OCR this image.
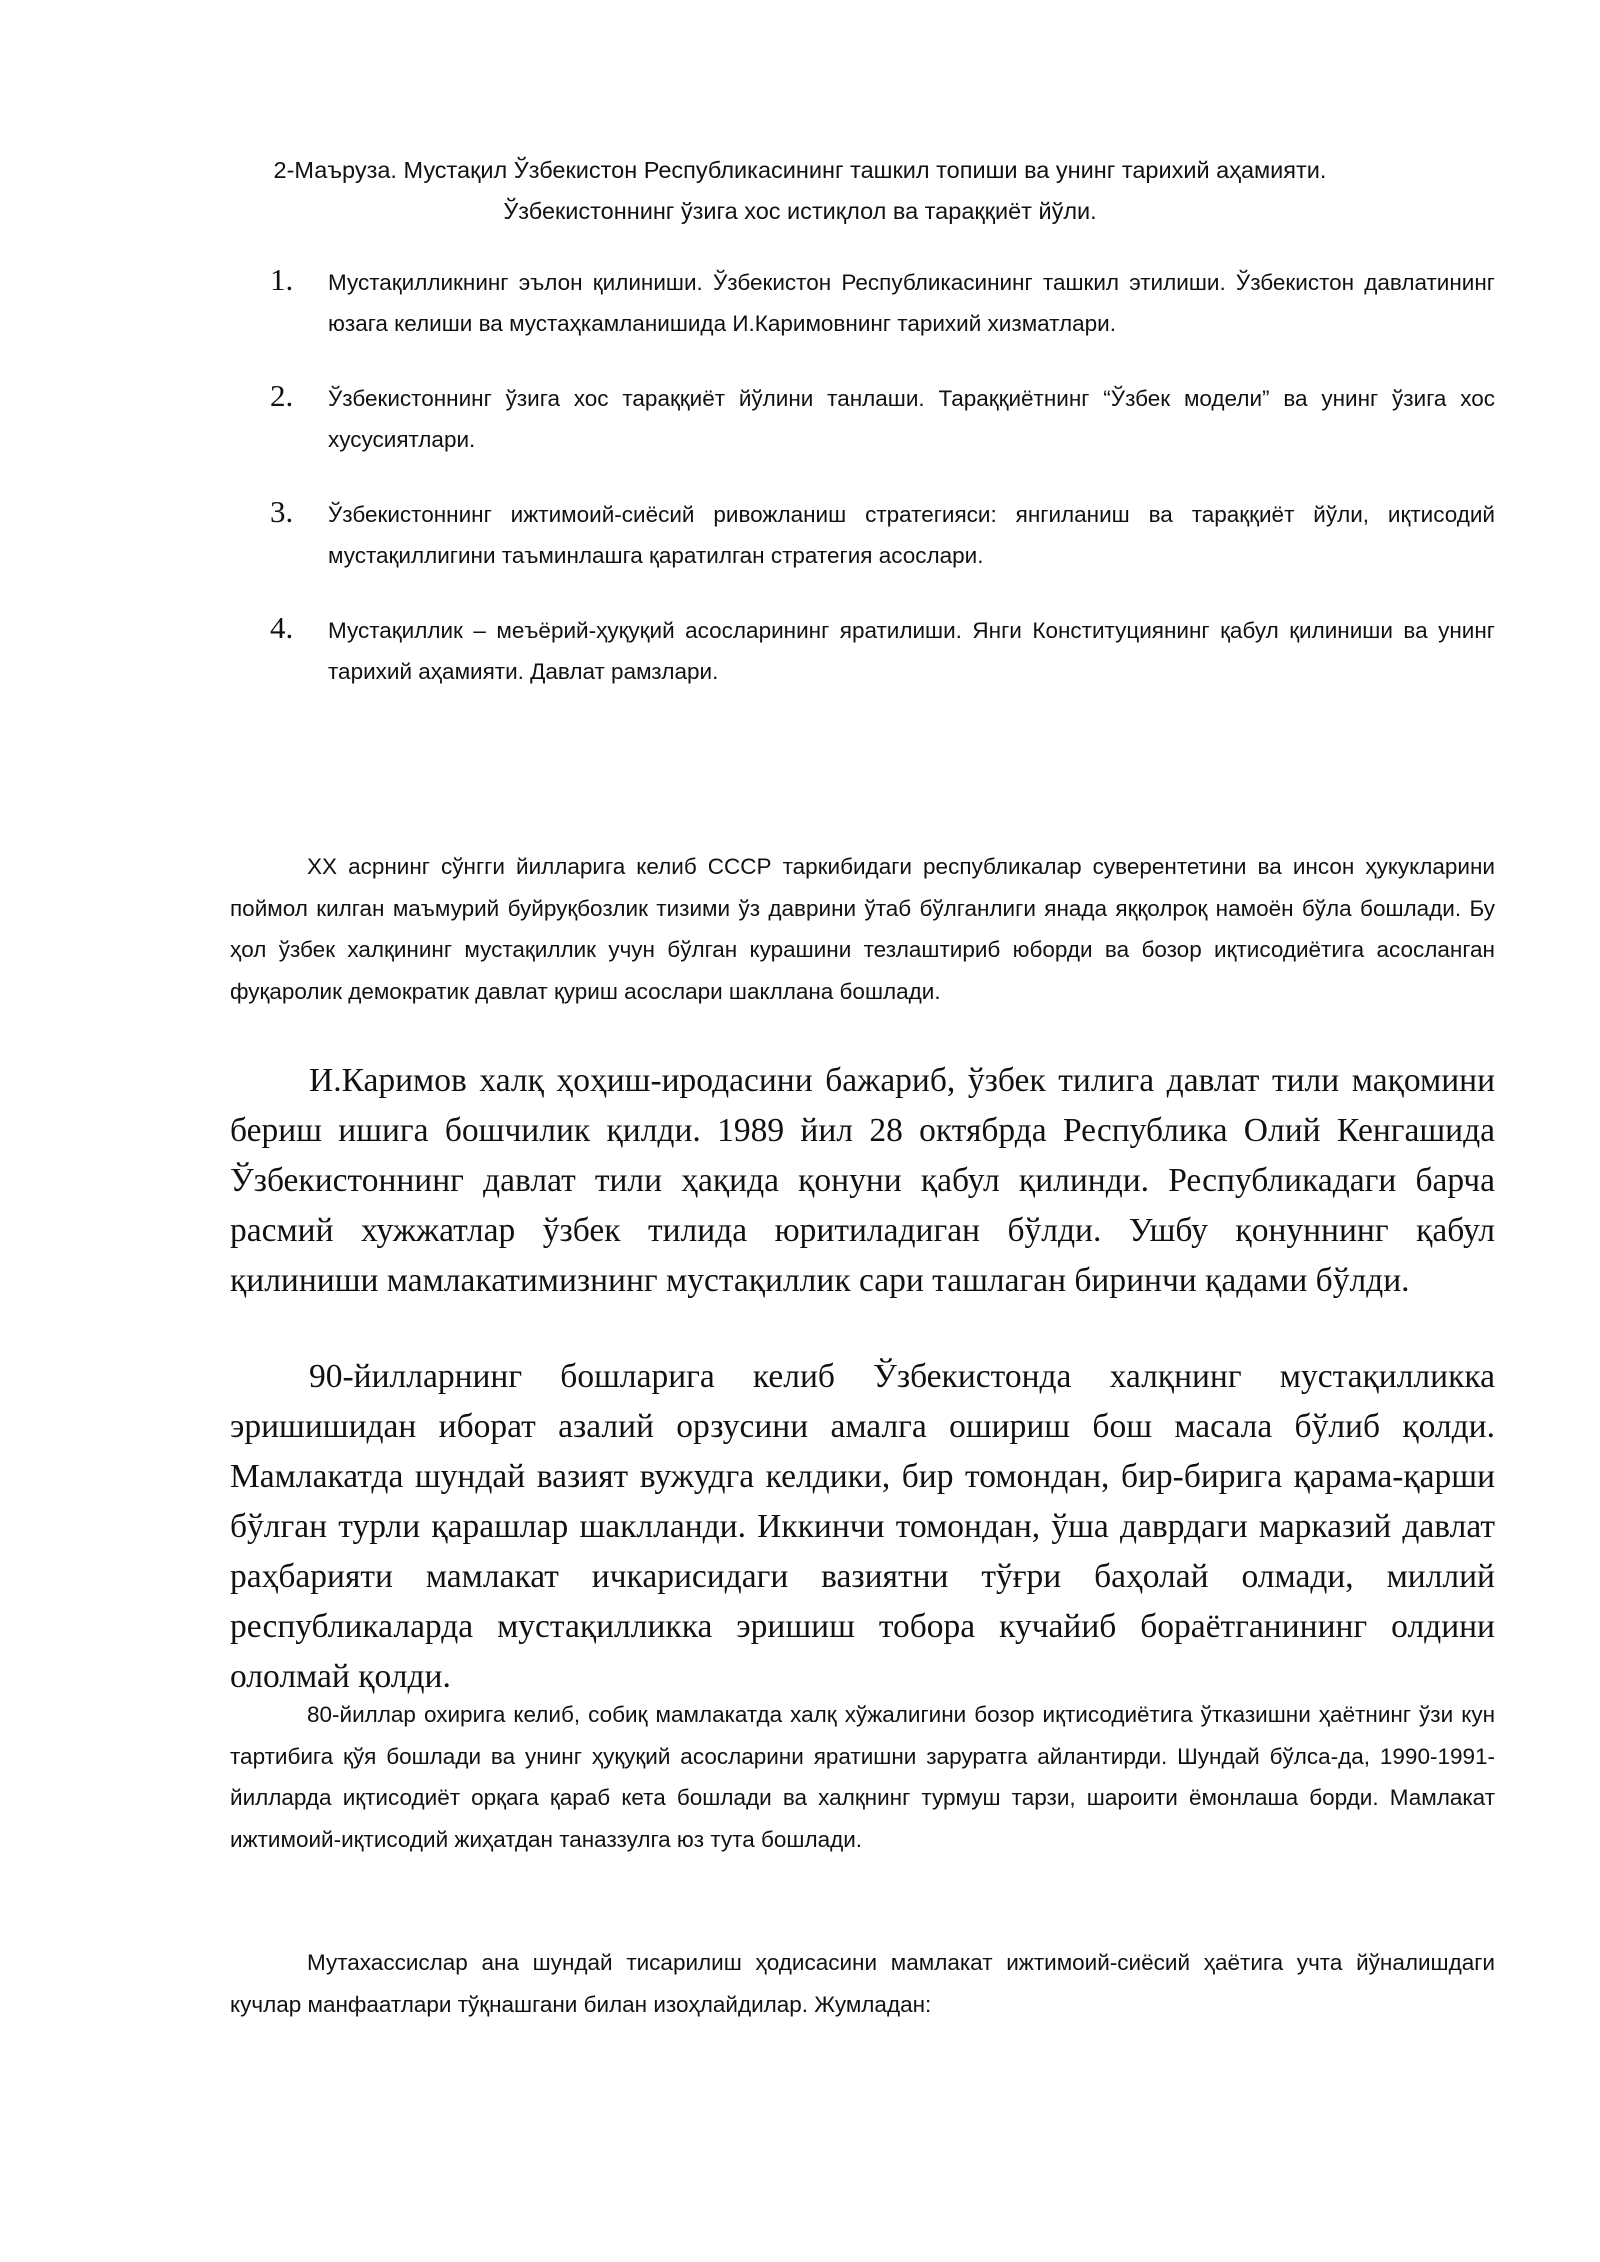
2-Маъруза. Мустақил Ўзбекистон Республикасининг ташкил топиши ва унинг тарихий аҳамияти.
Ўзбекистоннинг ўзига хос истиқлол ва тараққиёт йўли.
1. Мустақилликнинг эълон қилиниши. Ўзбекистон Республикасининг ташкил этилиши. Ўзбекистон давлатининг юзага келиши ва мустаҳкамланишида И.Каримовнинг тарихий хизматлари.
2. Ўзбекистоннинг ўзига хос тараққиёт йўлини танлаши. Тараққиётнинг “Ўзбек модели” ва унинг ўзига хос хусусиятлари.
3. Ўзбекистоннинг ижтимоий-сиёсий ривожланиш стратегияси: янгиланиш ва тараққиёт йўли, иқтисодий мустақиллигини таъминлашга қаратилган стратегия асослари.
4. Мустақиллик – меъёрий-ҳуқуқий асосларининг яратилиши. Янги Конституциянинг қабул қилиниши ва унинг тарихий аҳамияти. Давлат рамзлари.

XX асрнинг сўнгги йилларига келиб СССР таркибидаги республикалар суверентетини ва инсон ҳукукларини поймол килган маъмурий буйруқбозлик тизими ўз даврини ўтаб бўлганлиги янада яққолроқ намоён бўла бошлади. Бу ҳол ўзбек халқининг мустақиллик учун бўлган курашини тезлаштириб юборди ва бозор иқтисодиётига асосланган фуқаролик демократик давлат қуриш асослари шакллана бошлади.

И.Каримов халқ ҳоҳиш-иродасини бажариб, ўзбек тилига давлат тили мақомини бериш ишига бошчилик қилди. 1989 йил 28 октябрда Республика Олий Кенгашида Ўзбекистоннинг давлат тили ҳақида қонуни қабул қилинди. Республикадаги барча расмий хужжатлар ўзбек тилида юритиладиган бўлди. Ушбу қонуннинг қабул қилиниши мамлакатимизнинг мустақиллик сари ташлаган биринчи қадами бўлди.

90-йилларнинг бошларига келиб Ўзбекистонда халқнинг мустақилликка эришишидан иборат азалий орзусини амалга ошириш бош масала бўлиб қолди. Мамлакатда шундай вазият вужудга келдики, бир томондан, бир-бирига қарама-қарши бўлган турли қарашлар шаклланди. Иккинчи томондан, ўша даврдаги марказий давлат раҳбарияти мамлакат ичкарисидаги вазиятни тўғри баҳолай олмади, миллий республикаларда мустақилликка эришиш тобора кучайиб бораётганининг олдини ололмай қолди.

80-йиллар охирига келиб, собиқ мамлакатда халқ хўжалигини бозор иқтисодиётига ўтказишни ҳаётнинг ўзи кун тартибига қўя бошлади ва унинг ҳуқуқий асосларини яратишни заруратга айлантирди. Шундай бўлса-да, 1990-1991-йилларда иқтисодиёт орқага қараб кета бошлади ва халқнинг турмуш тарзи, шароити ёмонлаша борди. Мамлакат ижтимоий-иқтисодий жиҳатдан таназзулга юз тута бошлади.

Мутахассислар ана шундай тисарилиш ҳодисасини мамлакат ижтимоий-сиёсий ҳаётига учта йўналишдаги кучлар манфаатлари тўқнашгани билан изоҳлайдилар. Жумладан:
